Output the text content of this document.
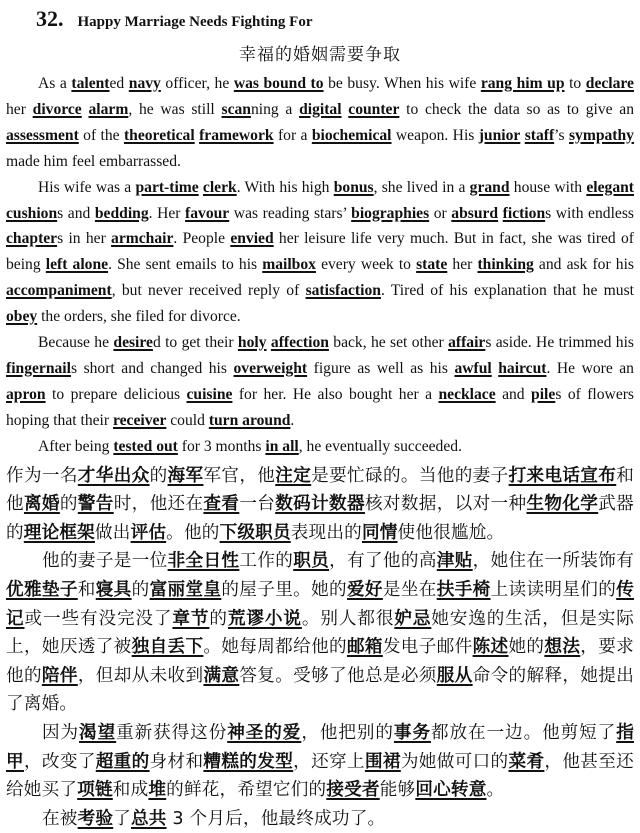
32. Happy Marriage Needs Fighting For
幸福的婚姻需要争取

As a talented navy officer, he was bound to be busy. When his wife rang him up to declare her divorce alarm, he was still scanning a digital counter to check the data so as to give an assessment of the theoretical framework for a biochemical weapon. His junior staff’s sympathy made him feel embarrassed.

His wife was a part-time clerk. With his high bonus, she lived in a grand house with elegant cushions and bedding. Her favour was reading stars’ biographies or absurd fictions with endless chapters in her armchair. People envied her leisure life very much. But in fact, she was tired of being left alone. She sent emails to his mailbox every week to state her thinking and ask for his accompaniment, but never received reply of satisfaction. Tired of his explanation that he must obey the orders, she filed for divorce.

Because he desired to get their holy affection back, he set other affairs aside. He trimmed his fingernails short and changed his overweight figure as well as his awful haircut. He wore an apron to prepare delicious cuisine for her. He also bought her a necklace and piles of flowers hoping that their receiver could turn around.

After being tested out for 3 months in all, he eventually succeeded.

作为一名才华出众的海军军官，他注定是要忙碌的。当他的妻子打来电话宣布和他离婚的警告时，他还在查看一台数码计数器核对数据，以对一种生物化学武器的理论框架做出评估。他的下级职员表现出的同情使他很尴尬。

他的妻子是一位非全日性工作的职员，有了他的高津贴，她住在一所装饰有优雅垫子和寝具的富丽堂皇的屋子里。她的爱好是坐在扶手椅上读读明星们的传记或一些有没完没了章节的荒谬小说。别人都很妒忌她安逸的生活，但是实际上，她厌透了被独自丢下。她每周都给他的邮箱发电子邮件陈述她的想法，要求他的陪伴，但却从未收到满意答复。受够了他总是必须服从命令的解释，她提出了离婚。

因为渴望重新获得这份神圣的爱，他把别的事务都放在一边。他剪短了指甲，改变了超重的身材和糟糕的发型，还穿上围裙为她做可口的菜肴，他甚至还给她买了项链和成堆的鲜花，希望它们的接受者能够回心转意。

在被考验了总共 3 个月后，他最终成功了。
